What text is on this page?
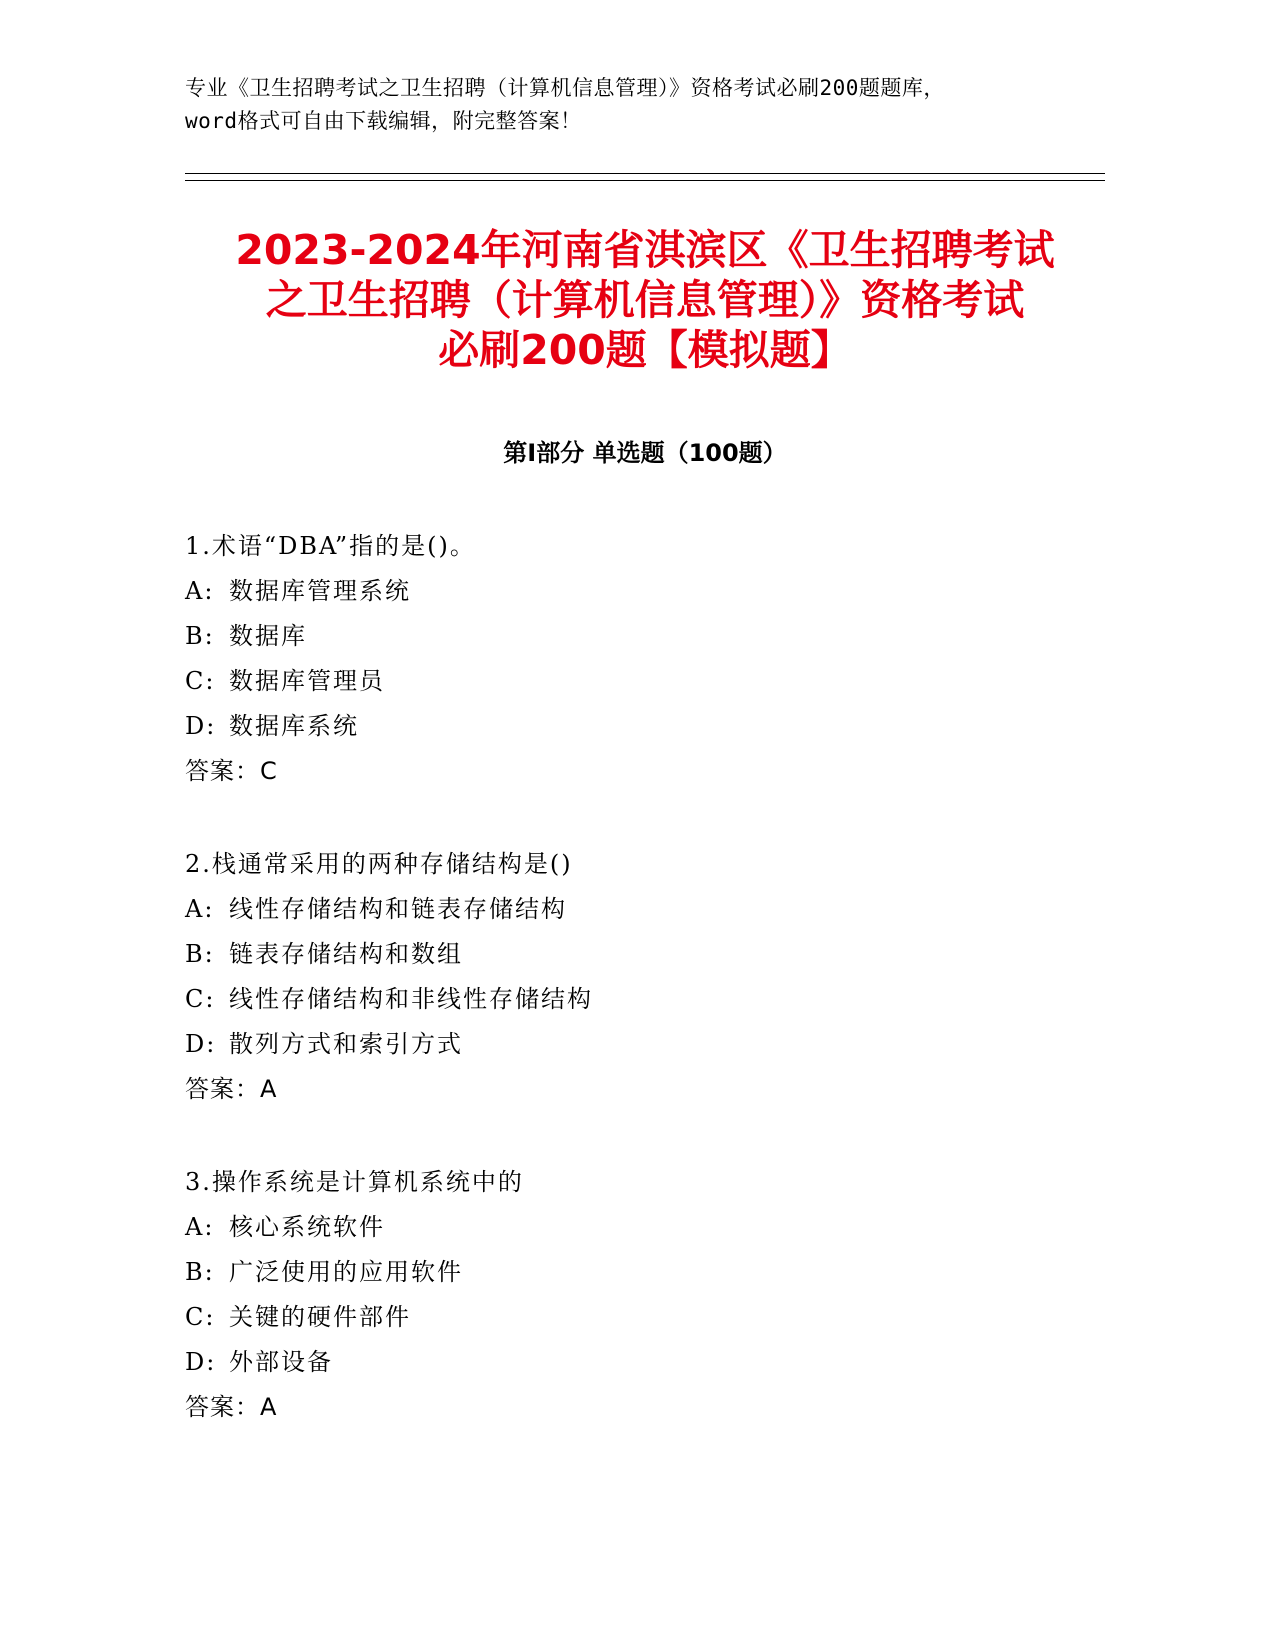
专业《卫生招聘考试之卫生招聘（计算机信息管理）》资格考试必刷200题题库，
word格式可自由下载编辑，附完整答案！
2023-2024年河南省淇滨区《卫生招聘考试
之卫生招聘（计算机信息管理）》资格考试
必刷200题【模拟题】
第Ⅰ部分 单选题（100题）
1.术语“DBA”指的是()。
A: 数据库管理系统
B: 数据库
C: 数据库管理员
D: 数据库系统
答案：C
2.栈通常采用的两种存储结构是()
A: 线性存储结构和链表存储结构
B: 链表存储结构和数组
C: 线性存储结构和非线性存储结构
D: 散列方式和索引方式
答案：A
3.操作系统是计算机系统中的
A: 核心系统软件
B: 广泛使用的应用软件
C: 关键的硬件部件
D: 外部设备
答案：A
